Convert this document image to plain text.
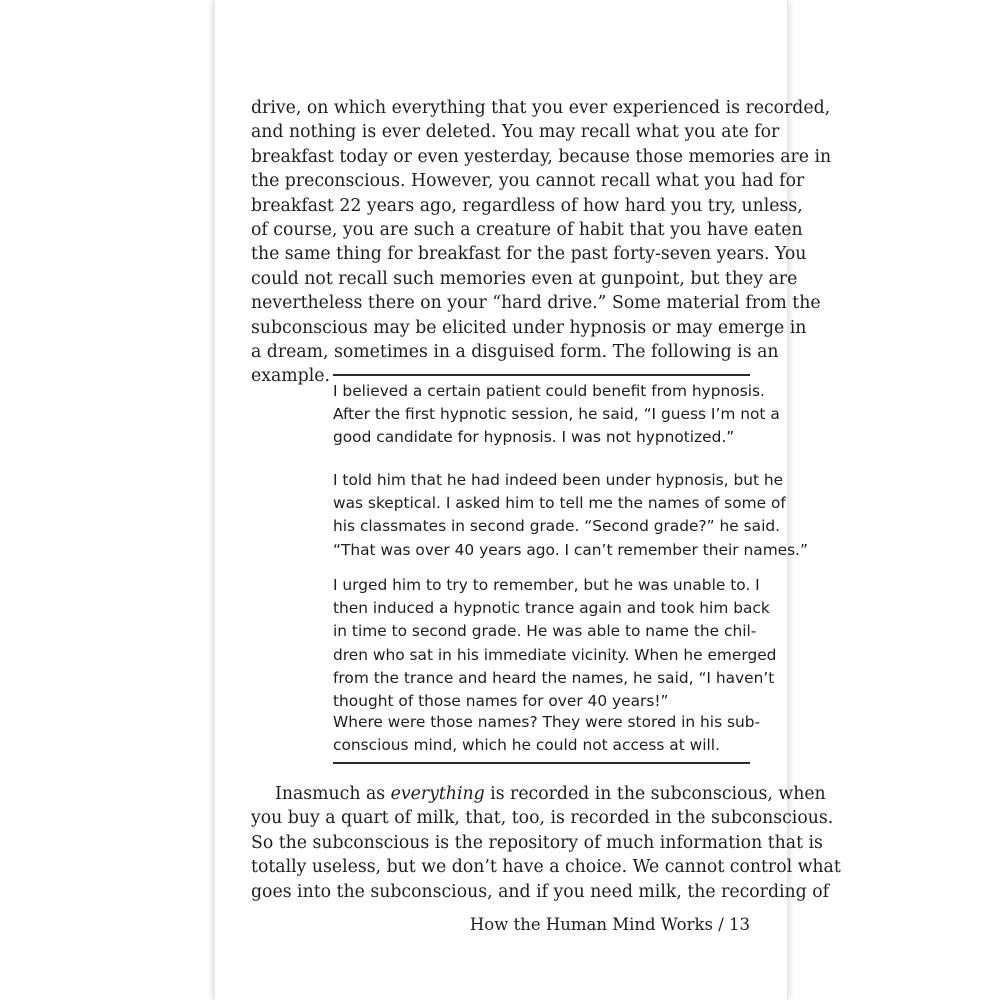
drive, on which everything that you ever experienced is recorded,
and nothing is ever deleted. You may recall what you ate for
breakfast today or even yesterday, because those memories are in
the preconscious. However, you cannot recall what you had for
breakfast 22 years ago, regardless of how hard you try, unless,
of course, you are such a creature of habit that you have eaten
the same thing for breakfast for the past forty-seven years. You
could not recall such memories even at gunpoint, but they are
nevertheless there on your “hard drive.” Some material from the
subconscious may be elicited under hypnosis or may emerge in
a dream, sometimes in a disguised form. The following is an
example.
I believed a certain patient could benefit from hypnosis.
After the first hypnotic session, he said, “I guess I’m not a
good candidate for hypnosis. I was not hypnotized.”
I told him that he had indeed been under hypnosis, but he
was skeptical. I asked him to tell me the names of some of
his classmates in second grade. “Second grade?” he said.
“That was over 40 years ago. I can’t remember their names.”
I urged him to try to remember, but he was unable to. I
then induced a hypnotic trance again and took him back
in time to second grade. He was able to name the chil-
dren who sat in his immediate vicinity. When he emerged
from the trance and heard the names, he said, “I haven’t
thought of those names for over 40 years!”
Where were those names? They were stored in his sub-
conscious mind, which he could not access at will.
Inasmuch as everything is recorded in the subconscious, when
you buy a quart of milk, that, too, is recorded in the subconscious.
So the subconscious is the repository of much information that is
totally useless, but we don’t have a choice. We cannot control what
goes into the subconscious, and if you need milk, the recording of
How the Human Mind Works / 13
